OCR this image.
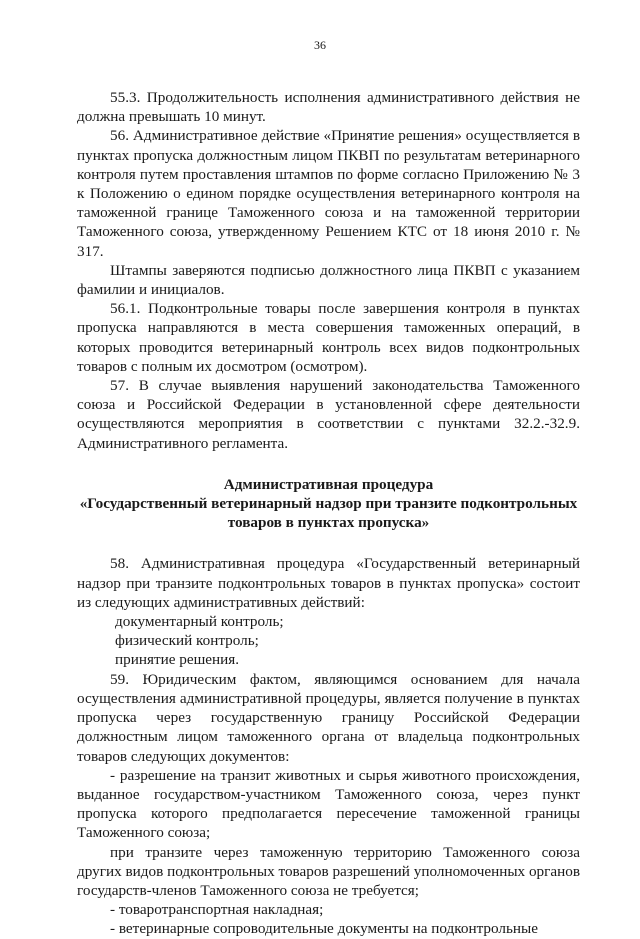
36

55.3. Продолжительность исполнения административного действия не должна превышать 10 минут.

56. Административное действие «Принятие решения» осуществляется в пунктах пропуска должностным лицом ПКВП по результатам ветеринарного контроля путем проставления штампов по форме согласно Приложению № 3 к Положению о едином порядке осуществления ветеринарного контроля на таможенной границе Таможенного союза и на таможенной территории Таможенного союза, утвержденному Решением КТС от 18 июня 2010 г. № 317.

Штампы заверяются подписью должностного лица ПКВП с указанием фамилии и инициалов.

56.1. Подконтрольные товары после завершения контроля в пунктах пропуска направляются в места совершения таможенных операций, в которых проводится ветеринарный контроль всех видов подконтрольных товаров с полным их досмотром (осмотром).

57. В случае выявления нарушений законодательства Таможенного союза и Российской Федерации в установленной сфере деятельности осуществляются мероприятия в соответствии с пунктами 32.2.-32.9. Административного регламента.

Административная процедура

«Государственный ветеринарный надзор при транзите подконтрольных товаров в пунктах пропуска»

58. Административная процедура «Государственный ветеринарный надзор при транзите подконтрольных товаров в пунктах пропуска» состоит из следующих административных действий:

документарный контроль;

физический контроль;

принятие решения.

59. Юридическим фактом, являющимся основанием для начала осуществления административной процедуры, является получение в пунктах пропуска через государственную границу Российской Федерации должностным лицом таможенного органа от владельца подконтрольных товаров следующих документов:

- разрешение на транзит животных и сырья животного происхождения, выданное государством-участником Таможенного союза, через пункт пропуска которого предполагается пересечение таможенной границы Таможенного союза;

при транзите через таможенную территорию Таможенного союза других видов подконтрольных товаров разрешений уполномоченных органов государств-членов Таможенного союза не требуется;

- товаротранспортная накладная;

- ветеринарные сопроводительные документы на подконтрольные
